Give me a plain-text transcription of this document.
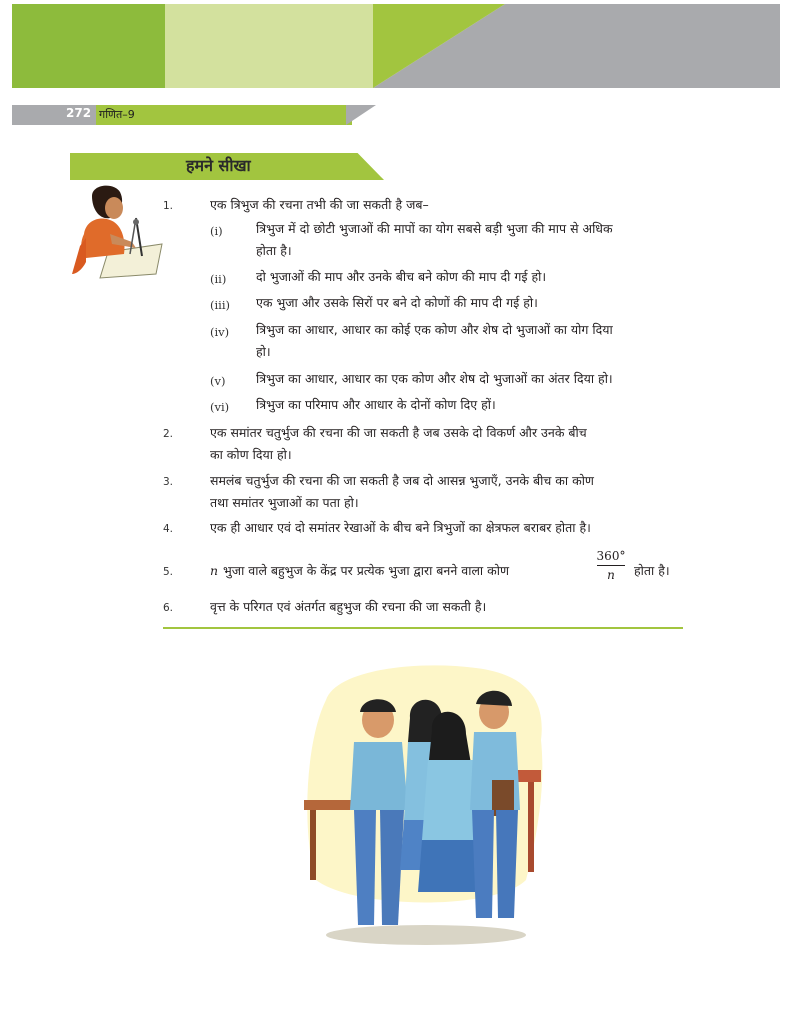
272 गणित–9
हमने सीखा
1.	एक त्रिभुज की रचना तभी की जा सकती है जब–
(i)	त्रिभुज में दो छोटी भुजाओं की मापों का योग सबसे बड़ी भुजा की माप से अधिक
होता है।
(ii) दो भुजाओं की माप और उनके बीच बने कोण की माप दी गई हो।
(iii) एक भुजा और उसके सिरों पर बने दो कोणों की माप दी गई हो।
(iv) त्रिभुज का आधार, आधार का कोई एक कोण और शेष दो भुजाओं का योग दिया
हो।
(v) त्रिभुज का आधार, आधार का एक कोण और शेष दो भुजाओं का अंतर दिया हो।
(vi) त्रिभुज का परिमाप और आधार के दोनों कोण दिए हों।
2.	एक समांतर चतुर्भुज की रचना की जा सकती है जब उसके दो विकर्ण और उनके बीच
का कोण दिया हो।
3.	समलंब चतुर्भुज की रचना की जा सकती है जब दो आसन्न भुजाएँ, उनके बीच का कोण
तथा समांतर भुजाओं का पता हो।
4.	एक ही आधार एवं दो समांतर रेखाओं के बीच बने त्रिभुजों का क्षेत्रफल बराबर होता है।
5.	n भुजा वाले बहुभुज के केंद्र पर प्रत्येक भुजा द्वारा बनने वाला कोण
360°
n	होता है।
6.	वृत्त के परिगत एवं अंतर्गत बहुभुज की रचना की जा सकती है।
